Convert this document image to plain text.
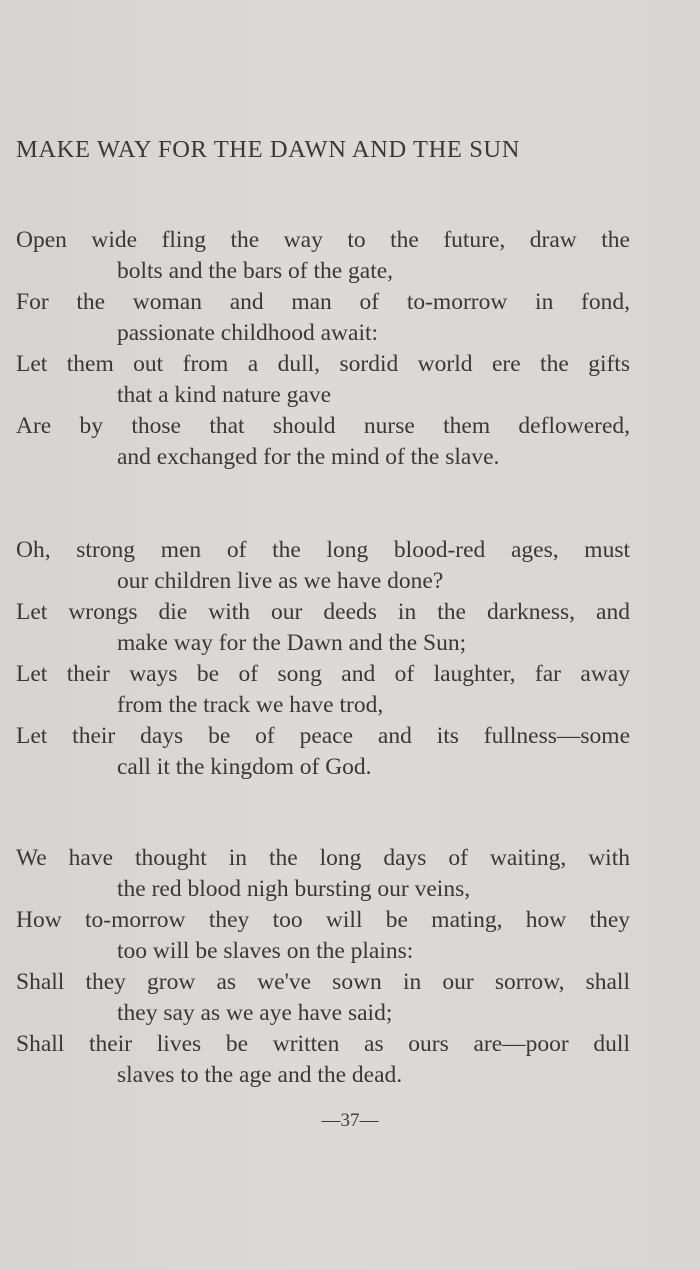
MAKE WAY FOR THE DAWN AND THE SUN
Open wide fling the way to the future, draw the
bolts and the bars of the gate,
For the woman and man of to-morrow in fond,
passionate childhood await:
Let them out from a dull, sordid world ere the gifts
that a kind nature gave
Are by those that should nurse them deflowered,
and exchanged for the mind of the slave.
Oh, strong men of the long blood-red ages, must
our children live as we have done?
Let wrongs die with our deeds in the darkness, and
make way for the Dawn and the Sun;
Let their ways be of song and of laughter, far away
from the track we have trod,
Let their days be of peace and its fullness—some
call it the kingdom of God.
We have thought in the long days of waiting, with
the red blood nigh bursting our veins,
How to-morrow they too will be mating, how they
too will be slaves on the plains:
Shall they grow as we've sown in our sorrow, shall
they say as we aye have said;
Shall their lives be written as ours are—poor dull
slaves to the age and the dead.
—37—
